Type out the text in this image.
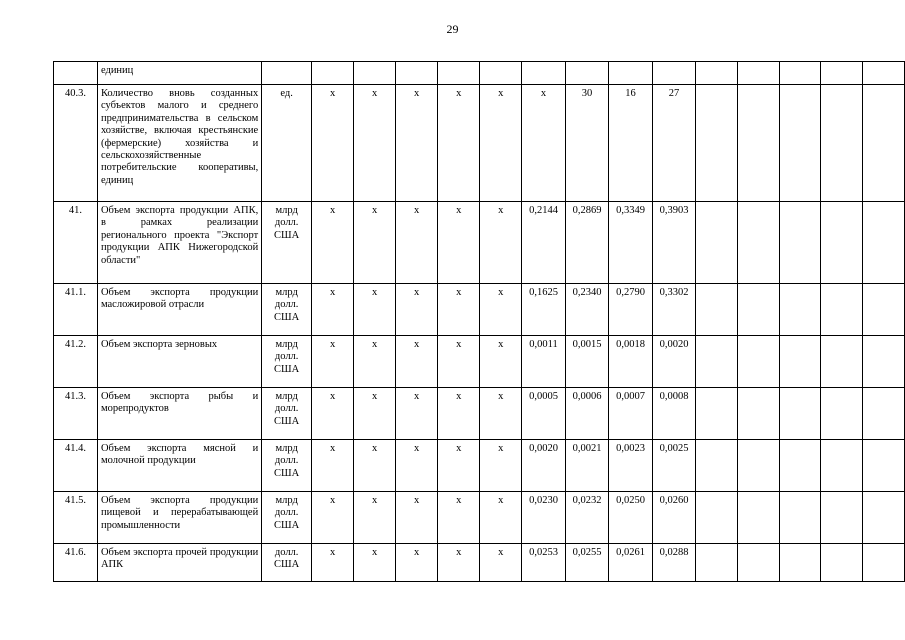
29
	единиц															
40.3.	Количество вновь созданных субъектов малого и среднего предпринимательства в сельском хозяйстве, включая крестьянские (фермерские) хозяйства и сельскохозяйственные потребительские кооперативы, единиц	ед.	х	х	х	х	х	х	30	16	27					
41.	Объем экспорта продукции АПК, в рамках реализации регионального проекта "Экспорт продукции АПК Нижегородской области"	млрд долл. США	х	х	х	х	х	0,2144	0,2869	0,3349	0,3903					
41.1.	Объем экспорта продукции масложировой отрасли	млрд долл. США	х	х	х	х	х	0,1625	0,2340	0,2790	0,3302					
41.2.	Объем экспорта зерновых	млрд долл. США	х	х	х	х	х	0,0011	0,0015	0,0018	0,0020					
41.3.	Объем экспорта рыбы и морепродуктов	млрд долл. США	х	х	х	х	х	0,0005	0,0006	0,0007	0,0008					
41.4.	Объем экспорта мясной и молочной продукции	млрд долл. США	х	х	х	х	х	0,0020	0,0021	0,0023	0,0025					
41.5.	Объем экспорта продукции пищевой и перерабатывающей промышленности	млрд долл. США	х	х	х	х	х	0,0230	0,0232	0,0250	0,0260					
41.6.	Объем экспорта прочей продукции АПК	долл. США	х	х	х	х	х	0,0253	0,0255	0,0261	0,0288					
